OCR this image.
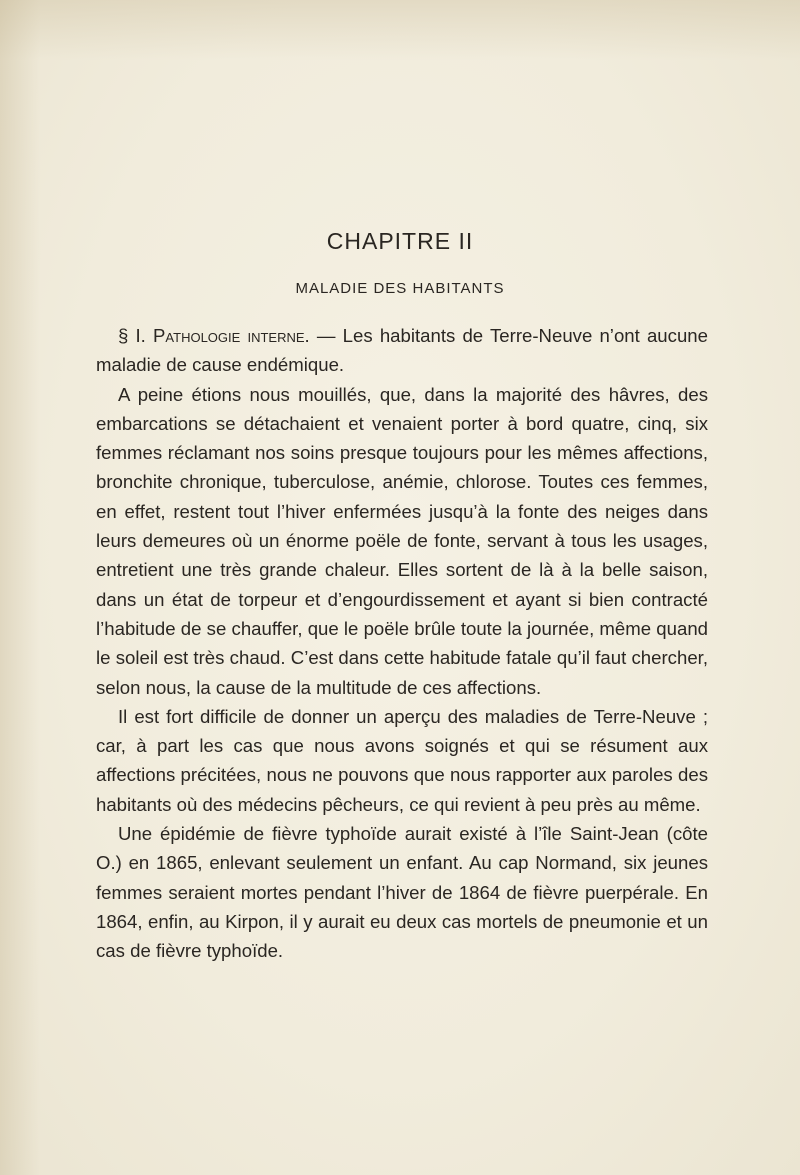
CHAPITRE II
MALADIE DES HABITANTS

§ I. Pathologie interne. — Les habitants de Terre-Neuve n’ont aucune maladie de cause endémique.

A peine étions nous mouillés, que, dans la majorité des hâvres, des embarcations se détachaient et venaient porter à bord quatre, cinq, six femmes réclamant nos soins presque toujours pour les mêmes affections, bronchite chronique, tuberculose, anémie, chlorose. Toutes ces femmes, en effet, restent tout l’hiver enfermées jusqu’à la fonte des neiges dans leurs demeures où un énorme poële de fonte, servant à tous les usages, entretient une très grande chaleur. Elles sortent de là à la belle saison, dans un état de torpeur et d’engourdissement et ayant si bien contracté l’habitude de se chauffer, que le poële brûle toute la journée, même quand le soleil est très chaud. C’est dans cette habitude fatale qu’il faut chercher, selon nous, la cause de la multitude de ces affections.

Il est fort difficile de donner un aperçu des maladies de Terre-Neuve ; car, à part les cas que nous avons soignés et qui se résument aux affections précitées, nous ne pouvons que nous rapporter aux paroles des habitants où des médecins pêcheurs, ce qui revient à peu près au même.

Une épidémie de fièvre typhoïde aurait existé à l’île Saint-Jean (côte O.) en 1865, enlevant seulement un enfant. Au cap Normand, six jeunes femmes seraient mortes pendant l’hiver de 1864 de fièvre puerpérale. En 1864, enfin, au Kirpon, il y aurait eu deux cas mortels de pneumonie et un cas de fièvre typhoïde.
